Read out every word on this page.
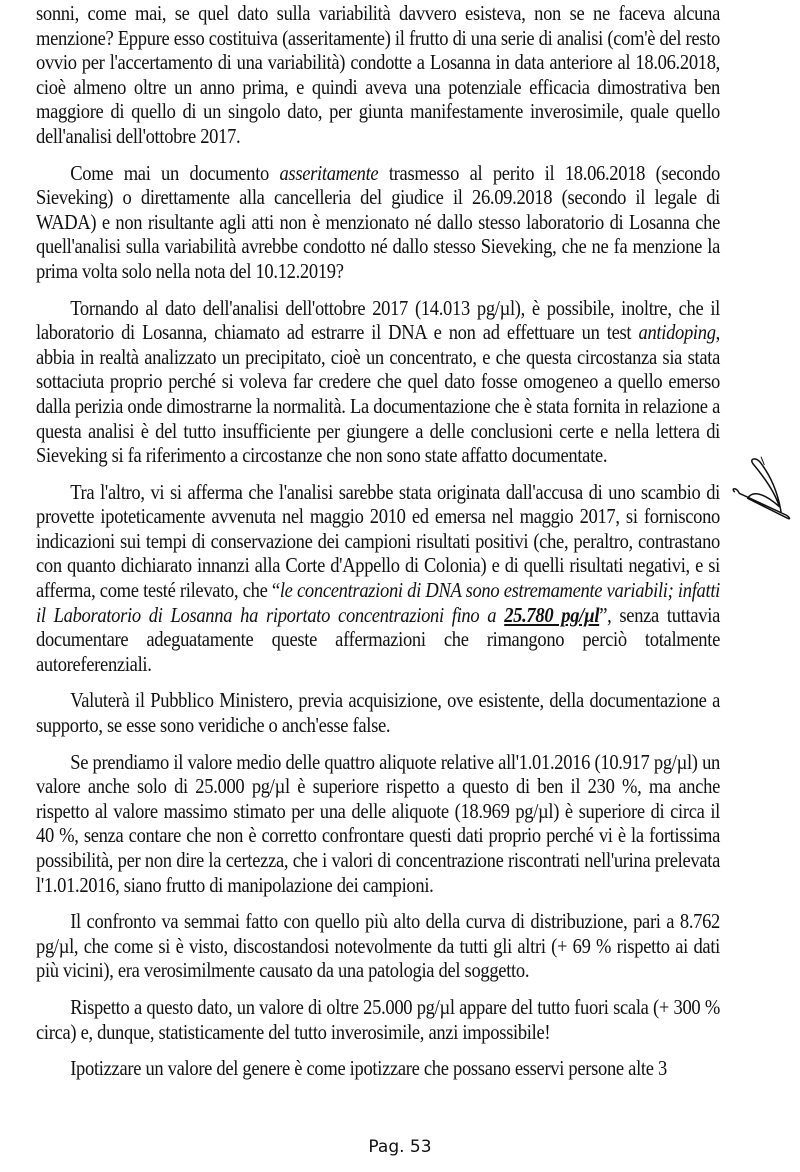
sonni, come mai, se quel dato sulla variabilità davvero esisteva, non se ne faceva alcuna menzione? Eppure esso costituiva (asseritamente) il frutto di una serie di analisi (com'è del resto ovvio per l'accertamento di una variabilità) condotte a Losanna in data anteriore al 18.06.2018, cioè almeno oltre un anno prima, e quindi aveva una potenziale efficacia dimostrativa ben maggiore di quello di un singolo dato, per giunta manifestamente inverosimile, quale quello dell'analisi dell'ottobre 2017.

Come mai un documento asseritamente trasmesso al perito il 18.06.2018 (secondo Sieveking) o direttamente alla cancelleria del giudice il 26.09.2018 (secondo il legale di WADA) e non risultante agli atti non è menzionato né dallo stesso laboratorio di Losanna che quell'analisi sulla variabilità avrebbe condotto né dallo stesso Sieveking, che ne fa menzione la prima volta solo nella nota del 10.12.2019?

Tornando al dato dell'analisi dell'ottobre 2017 (14.013 pg/µl), è possibile, inoltre, che il laboratorio di Losanna, chiamato ad estrarre il DNA e non ad effettuare un test antidoping, abbia in realtà analizzato un precipitato, cioè un concentrato, e che questa circostanza sia stata sottaciuta proprio perché si voleva far credere che quel dato fosse omogeneo a quello emerso dalla perizia onde dimostrarne la normalità. La documentazione che è stata fornita in relazione a questa analisi è del tutto insufficiente per giungere a delle conclusioni certe e nella lettera di Sieveking si fa riferimento a circostanze che non sono state affatto documentate.

Tra l'altro, vi si afferma che l'analisi sarebbe stata originata dall'accusa di uno scambio di provette ipoteticamente avvenuta nel maggio 2010 ed emersa nel maggio 2017, si forniscono indicazioni sui tempi di conservazione dei campioni risultati positivi (che, peraltro, contrastano con quanto dichiarato innanzi alla Corte d'Appello di Colonia) e di quelli risultati negativi, e si afferma, come testé rilevato, che “le concentrazioni di DNA sono estremamente variabili; infatti il Laboratorio di Losanna ha riportato concentrazioni fino a 25.780 pg/µl”, senza tuttavia documentare adeguatamente queste affermazioni che rimangono perciò totalmente autoreferenziali.

Valuterà il Pubblico Ministero, previa acquisizione, ove esistente, della documentazione a supporto, se esse sono veridiche o anch'esse false.

Se prendiamo il valore medio delle quattro aliquote relative all'1.01.2016 (10.917 pg/µl) un valore anche solo di 25.000 pg/µl è superiore rispetto a questo di ben il 230 %, ma anche rispetto al valore massimo stimato per una delle aliquote (18.969 pg/µl) è superiore di circa il 40 %, senza contare che non è corretto confrontare questi dati proprio perché vi è la fortissima possibilità, per non dire la certezza, che i valori di concentrazione riscontrati nell'urina prelevata l'1.01.2016, siano frutto di manipolazione dei campioni.

Il confronto va semmai fatto con quello più alto della curva di distribuzione, pari a 8.762 pg/µl, che come si è visto, discostandosi notevolmente da tutti gli altri (+ 69 % rispetto ai dati più vicini), era verosimilmente causato da una patologia del soggetto.

Rispetto a questo dato, un valore di oltre 25.000 pg/µl appare del tutto fuori scala (+ 300 % circa) e, dunque, statisticamente del tutto inverosimile, anzi impossibile!

Ipotizzare un valore del genere è come ipotizzare che possano esservi persone alte 3

Pag. 53
